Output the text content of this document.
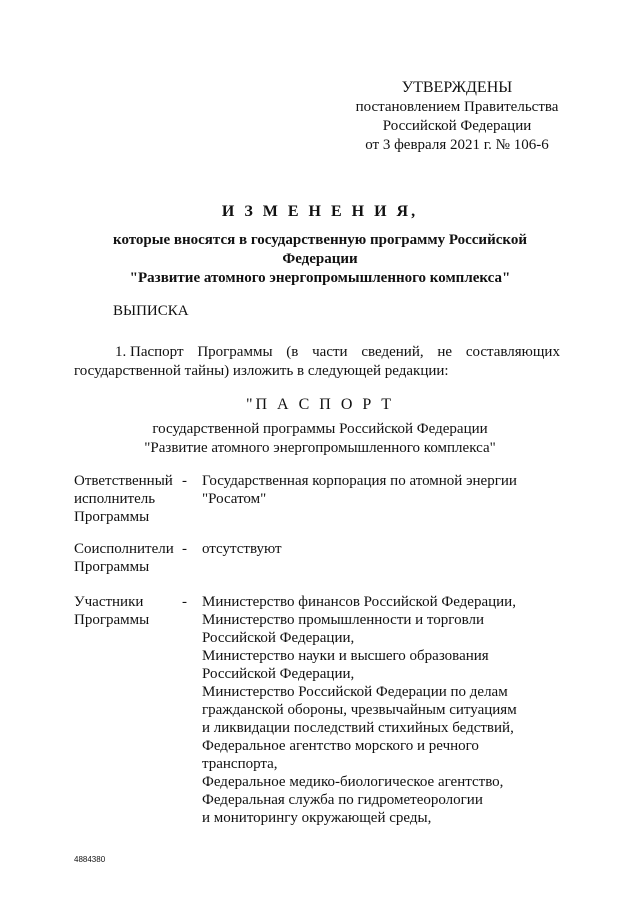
УТВЕРЖДЕНЫ
постановлением Правительства
Российской Федерации
от 3 февраля 2021 г. № 106-6
И З М Е Н Е Н И Я,
которые вносятся в государственную программу Российской
Федерации
"Развитие атомного энергопромышленного комплекса"
ВЫПИСКА
1. Паспорт Программы (в части сведений, не составляющих
государственной тайны) изложить в следующей редакции:
"П А С П О Р Т
государственной программы Российской Федерации
"Развитие атомного энергопромышленного комплекса"
Ответственный
исполнитель
Программы
-	Государственная корпорация по атомной энергии
"Росатом"
Соисполнители
Программы
-	отсутствуют
Участники
Программы
-	Министерство финансов Российской Федерации,
Министерство промышленности и торговли
Российской Федерации,
Министерство науки и высшего образования
Российской Федерации,
Министерство Российской Федерации по делам
гражданской обороны, чрезвычайным ситуациям
и ликвидации последствий стихийных бедствий,
Федеральное агентство морского и речного
транспорта,
Федеральное медико-биологическое агентство,
Федеральная служба по гидрометеорологии
и мониторингу окружающей среды,
4884380
